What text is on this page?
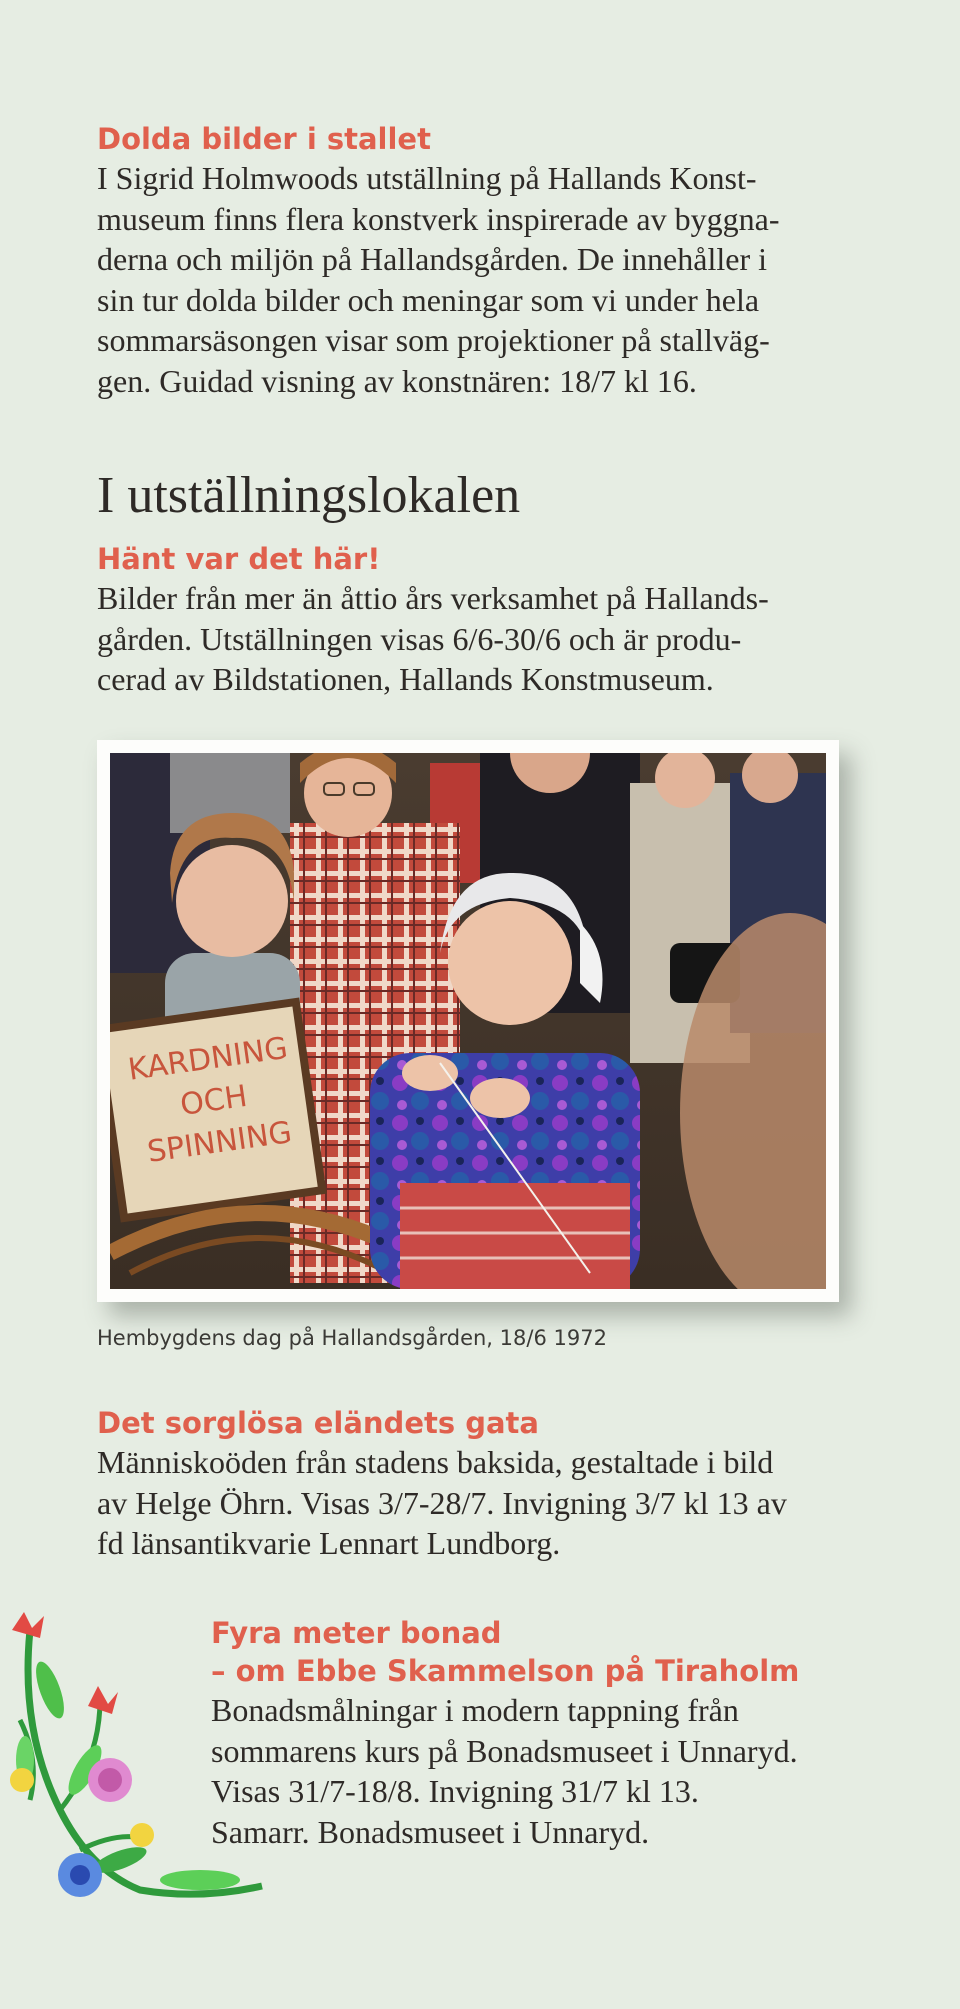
Dolda bilder i stallet

I Sigrid Holmwoods utställning på Hallands Konst-
museum finns flera konstverk inspirerade av byggna-
derna och miljön på Hallandsgården. De innehåller i
sin tur dolda bilder och meningar som vi under hela
sommarsäsongen visar som projektioner på stallväg-
gen. Guidad visning av konstnären: 18/7 kl 16.

I utställningslokalen
Hänt var det här!

Bilder från mer än åttio års verksamhet på Hallands-
gården. Utställningen visas 6/6-30/6 och är produ-
cerad av Bildstationen, Hallands Konstmuseum.

KARDNING
OCH
SPINNING
Hembygdens dag på Hallandsgården, 18/6 1972
Det sorglösa eländets gata

Människoöden från stadens baksida, gestaltade i bild
av Helge Öhrn. Visas 3/7-28/7. Invigning 3/7 kl 13 av
fd länsantikvarie Lennart Lundborg.

Fyra meter bonad
– om Ebbe Skammelson på Tiraholm

Bonadsmålningar i modern tappning från
sommarens kurs på Bonadsmuseet i Unnaryd.
Visas 31/7-18/8. Invigning 31/7 kl 13.
Samarr. Bonadsmuseet i Unnaryd.
